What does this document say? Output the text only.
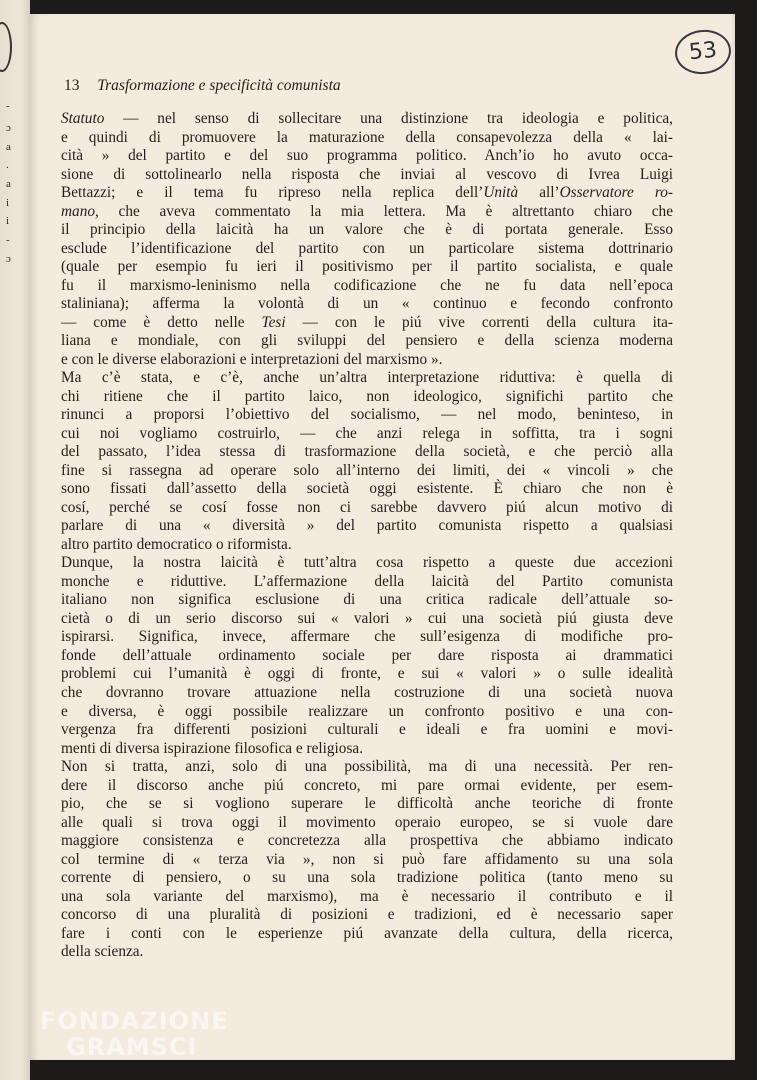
-
ɔ
a
.
a
i
i
-
ɔ
53
13 Trasformazione e specificità comunista
Statuto — nel senso di sollecitare una distinzione tra ideologia e politica,
e quindi di promuovere la maturazione della consapevolezza della « lai-
cità » del partito e del suo programma politico. Anch’io ho avuto occa-
sione di sottolinearlo nella risposta che inviai al vescovo di Ivrea Luigi
Bettazzi; e il tema fu ripreso nella replica dell’Unità all’Osservatore ro-
mano, che aveva commentato la mia lettera. Ma è altrettanto chiaro che
il principio della laicità ha un valore che è di portata generale. Esso
esclude l’identificazione del partito con un particolare sistema dottrinario
(quale per esempio fu ieri il positivismo per il partito socialista, e quale
fu il marxismo-leninismo nella codificazione che ne fu data nell’epoca
staliniana); afferma la volontà di un « continuo e fecondo confronto
— come è detto nelle Tesi — con le piú vive correnti della cultura ita-
liana e mondiale, con gli sviluppi del pensiero e della scienza moderna
e con le diverse elaborazioni e interpretazioni del marxismo ».
Ma c’è stata, e c’è, anche un’altra interpretazione riduttiva: è quella di
chi ritiene che il partito laico, non ideologico, significhi partito che
rinunci a proporsi l’obiettivo del socialismo, — nel modo, beninteso, in
cui noi vogliamo costruirlo, — che anzi relega in soffitta, tra i sogni
del passato, l’idea stessa di trasformazione della società, e che perciò alla
fine si rassegna ad operare solo all’interno dei limiti, dei « vincoli » che
sono fissati dall’assetto della società oggi esistente. È chiaro che non è
cosí, perché se cosí fosse non ci sarebbe davvero piú alcun motivo di
parlare di una « diversità » del partito comunista rispetto a qualsiasi
altro partito democratico o riformista.
Dunque, la nostra laicità è tutt’altra cosa rispetto a queste due accezioni
monche e riduttive. L’affermazione della laicità del Partito comunista
italiano non significa esclusione di una critica radicale dell’attuale so-
cietà o di un serio discorso sui « valori » cui una società piú giusta deve
ispirarsi. Significa, invece, affermare che sull’esigenza di modifiche pro-
fonde dell’attuale ordinamento sociale per dare risposta ai drammatici
problemi cui l’umanità è oggi di fronte, e sui « valori » o sulle idealità
che dovranno trovare attuazione nella costruzione di una società nuova
e diversa, è oggi possibile realizzare un confronto positivo e una con-
vergenza fra differenti posizioni culturali e ideali e fra uomini e movi-
menti di diversa ispirazione filosofica e religiosa.
Non si tratta, anzi, solo di una possibilità, ma di una necessità. Per ren-
dere il discorso anche piú concreto, mi pare ormai evidente, per esem-
pio, che se si vogliono superare le difficoltà anche teoriche di fronte
alle quali si trova oggi il movimento operaio europeo, se si vuole dare
maggiore consistenza e concretezza alla prospettiva che abbiamo indicato
col termine di « terza via », non si può fare affidamento su una sola
corrente di pensiero, o su una sola tradizione politica (tanto meno su
una sola variante del marxismo), ma è necessario il contributo e il
concorso di una pluralità di posizioni e tradizioni, ed è necessario saper
fare i conti con le esperienze piú avanzate della cultura, della ricerca,
della scienza.
FONDAZIONE
GRAMSCI
